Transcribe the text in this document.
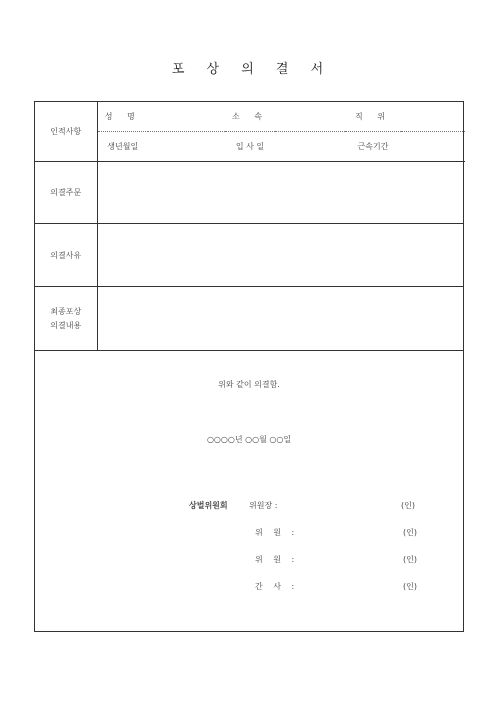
포 상 의 결 서
인적사항	성 명		소 속		직 위	
	생년월일		입 사 일		근속기간	
의결주문	
의결사유	

최종포상
의결내용	

위와 같이 의결함.
○○○○년 ○○월 ○○일
상벌위원회	위원장 :	(인)
위 원 :	(인)
위 원 :	(인)
간 사 :	(인)
